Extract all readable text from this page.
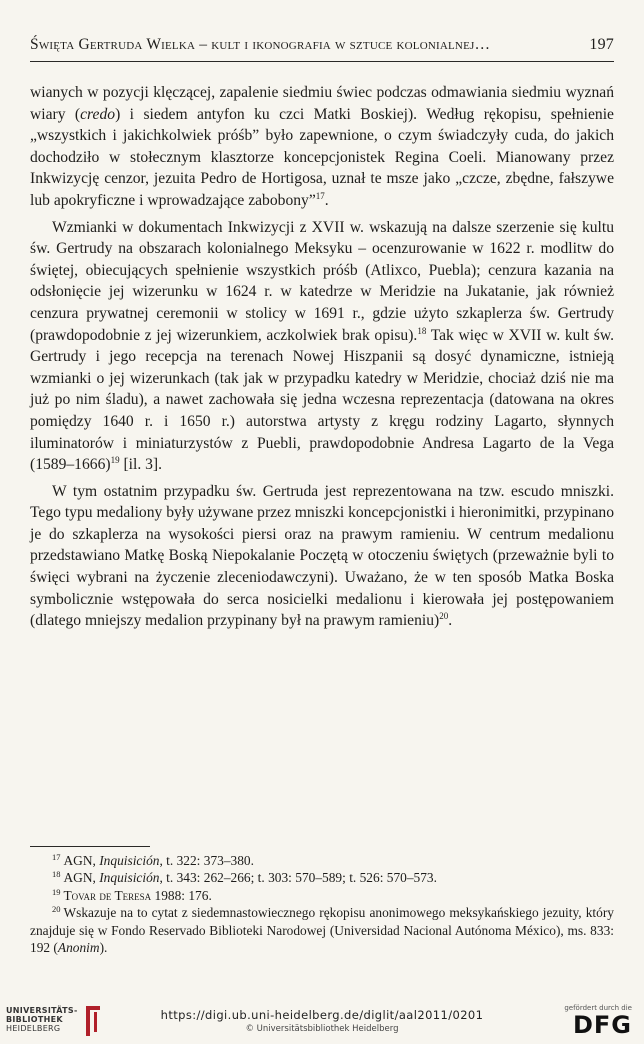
Święta Gertruda Wielka – kult i ikonografia w sztuce kolonialnej…	197

wianych w pozycji klęczącej, zapalenie siedmiu świec podczas odmawiania siedmiu wyznań wiary (credo) i siedem antyfon ku czci Matki Boskiej). Według rękopisu, spełnienie „wszystkich i jakichkolwiek próśb” było zapewnione, o czym świadczyły cuda, do jakich dochodziło w stołecznym klasztorze koncepcjonistek Regina Coeli. Mianowany przez Inkwizycję cenzor, jezuita Pedro de Hortigosa, uznał te msze jako „czcze, zbędne, fałszywe lub apokryficzne i wprowadzające zabobony”$^{17}$.

Wzmianki w dokumentach Inkwizycji z XVII w. wskazują na dalsze szerzenie się kultu św. Gertrudy na obszarach kolonialnego Meksyku – ocenzurowanie w 1622 r. modlitw do świętej, obiecujących spełnienie wszystkich próśb (Atlixco, Puebla); cenzura kazania na odsłonięcie jej wizerunku w 1624 r. w katedrze w Meridzie na Jukatanie, jak również cenzura prywatnej ceremonii w stolicy w 1691 r., gdzie użyto szkaplerza św. Gertrudy (prawdopodobnie z jej wizerunkiem, aczkolwiek brak opisu).$^{18}$ Tak więc w XVII w. kult św. Gertrudy i jego recepcja na terenach Nowej Hiszpanii są dosyć dynamiczne, istnieją wzmianki o jej wizerunkach (tak jak w przypadku katedry w Meridzie, chociaż dziś nie ma już po nim śladu), a nawet zachowała się jedna wczesna reprezentacja (datowana na okres pomiędzy 1640 r. i 1650 r.) autorstwa artysty z kręgu rodziny Lagarto, słynnych iluminatorów i miniaturzystów z Puebli, prawdopodobnie Andresa Lagarto de la Vega (1589–1666)$^{19}$ [il. 3].

W tym ostatnim przypadku św. Gertruda jest reprezentowana na tzw. escudo mniszki. Tego typu medaliony były używane przez mniszki koncepcjonistki i hieronimitki, przypinano je do szkaplerza na wysokości piersi oraz na prawym ramieniu. W centrum medalionu przedstawiano Matkę Boską Niepokalanie Poczętą w otoczeniu świętych (przeważnie byli to święci wybrani na życzenie zleceniodawczyni). Uważano, że w ten sposób Matka Boska symbolicznie wstępowała do serca nosicielki medalionu i kierowała jej postępowaniem (dlatego mniejszy medalion przypinany był na prawym ramieniu)$^{20}$.

$^{17}$ AGN, Inquisición, t. 322: 373–380.

$^{18}$ AGN, Inquisición, t. 343: 262–266; t. 303: 570–589; t. 526: 570–573.

$^{19}$ Tovar de Teresa 1988: 176.

$^{20}$ Wskazuje na to cytat z siedemnastowiecznego rękopisu anonimowego meksykańskiego jezuity, który znajduje się w Fondo Reservado Biblioteki Narodowej (Universidad Nacional Autónoma México), ms. 833: 192 (Anonim).

UNIVERSITÄTS-
BIBLIOTHEK
HEIDELBERG
https://digi.ub.uni-heidelberg.de/diglit/aal2011/0201
© Universitätsbibliothek Heidelberg
gefördert durch die
DFG
